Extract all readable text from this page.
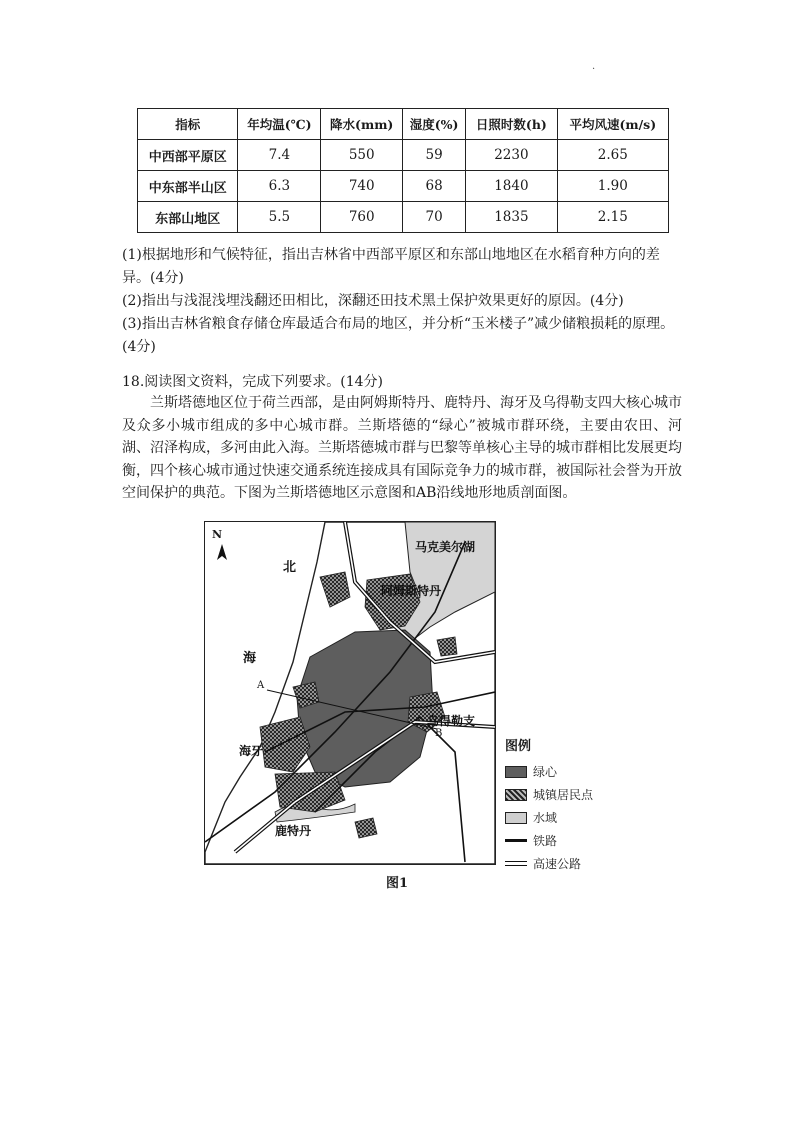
·
指标	年均温(℃)	降水(mm)	湿度(%)	日照时数(h)	平均风速(m/s)
中西部平原区	7.4	550	59	2230	2.65
中东部半山区	6.3	740	68	1840	1.90
东部山地区	5.5	760	70	1835	2.15

(1)根据地形和气候特征，指出吉林省中西部平原区和东部山地地区在水稻育种方向的差异。(4分)

(2)指出与浅混浅埋浅翻还田相比，深翻还田技术黑土保护效果更好的原因。(4分)

(3)指出吉林省粮食存储仓库最适合布局的地区，并分析“玉米楼子”减少储粮损耗的原理。(4分)

18.阅读图文资料，完成下列要求。(14分)

兰斯塔德地区位于荷兰西部，是由阿姆斯特丹、鹿特丹、海牙及乌得勒支四大核心城市及众多小城市组成的多中心城市群。兰斯塔德的“绿心”被城市群环绕，主要由农田、河湖、沼泽构成，多河由此入海。兰斯塔德城市群与巴黎等单核心主导的城市群相比发展更均衡，四个核心城市通过快速交通系统连接成具有国际竞争力的城市群，被国际社会誉为开放空间保护的典范。下图为兰斯塔德地区示意图和AB沿线地形地质剖面图。

N
北
海
马克美尔湖
阿姆斯特丹
乌得勒支
海牙
鹿特丹
A
B
图例
绿心
城镇居民点
水域
铁路
高速公路
图1
